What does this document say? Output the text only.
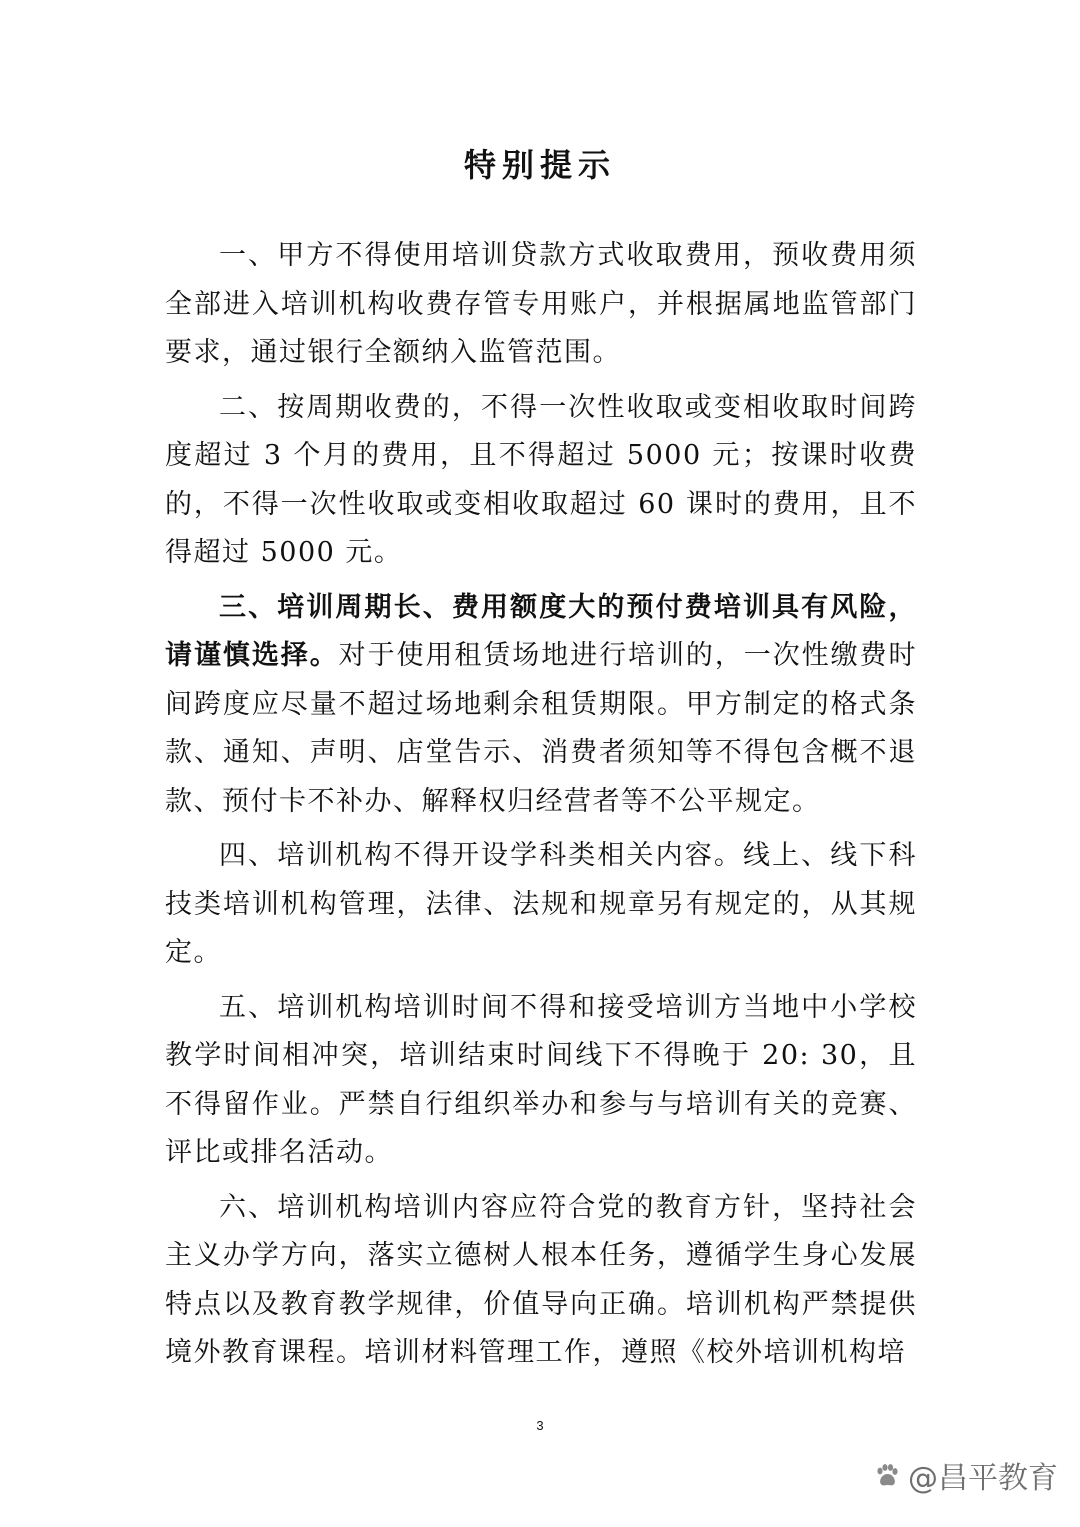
特别提示

一、甲方不得使用培训贷款方式收取费用，预收费用须全部进入培训机构收费存管专用账户，并根据属地监管部门要求，通过银行全额纳入监管范围。

二、按周期收费的，不得一次性收取或变相收取时间跨度超过 3 个月的费用，且不得超过 5000 元；按课时收费的，不得一次性收取或变相收取超过 60 课时的费用，且不得超过 5000 元。

三、培训周期长、费用额度大的预付费培训具有风险，请谨慎选择。对于使用租赁场地进行培训的，一次性缴费时间跨度应尽量不超过场地剩余租赁期限。甲方制定的格式条款、通知、声明、店堂告示、消费者须知等不得包含概不退款、预付卡不补办、解释权归经营者等不公平规定。

四、培训机构不得开设学科类相关内容。线上、线下科技类培训机构管理，法律、法规和规章另有规定的，从其规定。

五、培训机构培训时间不得和接受培训方当地中小学校教学时间相冲突，培训结束时间线下不得晚于 20: 30，且不得留作业。严禁自行组织举办和参与与培训有关的竞赛、评比或排名活动。

六、培训机构培训内容应符合党的教育方针，坚持社会主义办学方向，落实立德树人根本任务，遵循学生身心发展特点以及教育教学规律，价值导向正确。培训机构严禁提供境外教育课程。培训材料管理工作，遵照《校外培训机构培

3

@昌平教育
